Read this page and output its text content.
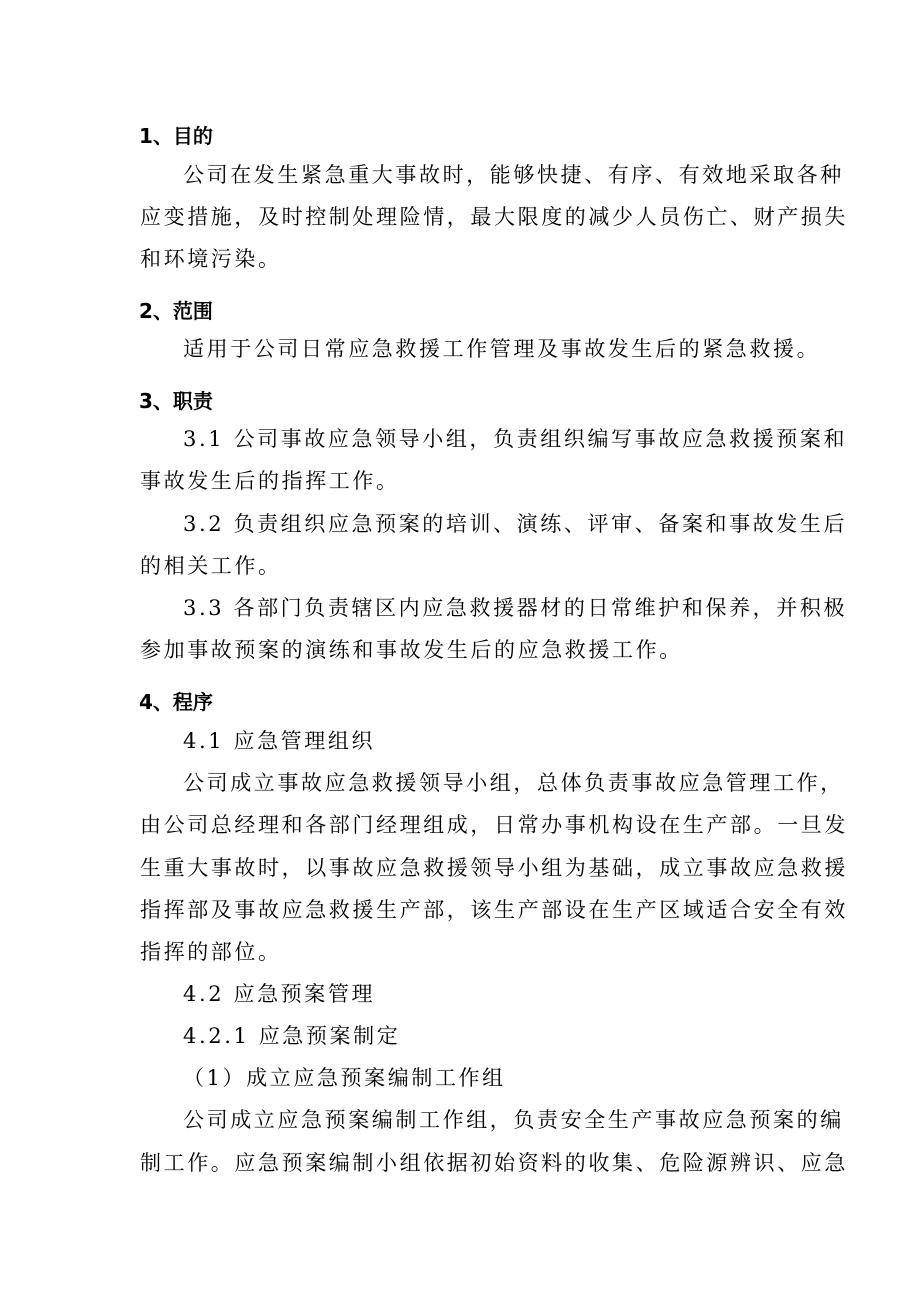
1、目的
公司在发生紧急重大事故时，能够快捷、有序、有效地采取各种
应变措施，及时控制处理险情，最大限度的减少人员伤亡、财产损失
和环境污染。
2、范围
适用于公司日常应急救援工作管理及事故发生后的紧急救援。
3、职责
3.1 公司事故应急领导小组，负责组织编写事故应急救援预案和
事故发生后的指挥工作。
3.2 负责组织应急预案的培训、演练、评审、备案和事故发生后
的相关工作。
3.3 各部门负责辖区内应急救援器材的日常维护和保养，并积极
参加事故预案的演练和事故发生后的应急救援工作。
4、程序
4.1 应急管理组织
公司成立事故应急救援领导小组，总体负责事故应急管理工作，
由公司总经理和各部门经理组成，日常办事机构设在生产部。一旦发
生重大事故时，以事故应急救援领导小组为基础，成立事故应急救援
指挥部及事故应急救援生产部，该生产部设在生产区域适合安全有效
指挥的部位。
4.2 应急预案管理
4.2.1 应急预案制定
（1）成立应急预案编制工作组
公司成立应急预案编制工作组，负责安全生产事故应急预案的编
制工作。应急预案编制小组依据初始资料的收集、危险源辨识、应急
